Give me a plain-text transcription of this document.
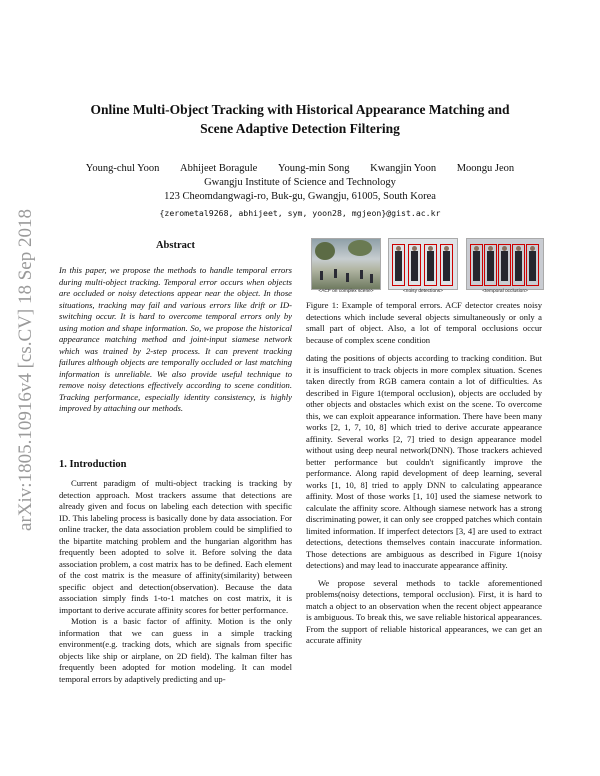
Online Multi-Object Tracking with Historical Appearance Matching and
Scene Adaptive Detection Filtering
Young-chul Yoon Abhijeet Boragule Young-min Song Kwangjin Yoon Moongu Jeon
Gwangju Institute of Science and Technology
123 Cheomdangwagi-ro, Buk-gu, Gwangju, 61005, South Korea
{zerometal9268, abhijeet, sym, yoon28, mgjeon}@gist.ac.kr
arXiv:1805.10916v4 [cs.CV] 18 Sep 2018	Abstract
In this paper, we propose the methods to handle temporal errors during multi-object tracking. Temporal error occurs when objects are occluded or noisy detections appear near the object. In those situations, tracking may fail and various errors like drift or ID-switching occur. It is hard to overcome temporal errors only by using motion and shape information. So, we propose the historical appearance matching method and joint-input siamese network which was trained by 2-step process. It can prevent tracking failures although objects are temporally occluded or last matching information is unreliable. We also provide useful technique to remove noisy detections effectively according to scene condition. Tracking performance, especially identity consistency, is highly improved by attaching our methods.
1. Introduction

Current paradigm of multi-object tracking is tracking by detection approach. Most trackers assume that detections are already given and focus on labeling each detection with specific ID. This labeling process is basically done by data association. For online tracker, the data association problem could be simplified to the bipartite matching problem and the hungarian algorithm has frequently been adopted to solve it. Before solving the data association problem, a cost matrix has to be defined. Each element of the cost matrix is the measure of affinity(similarity) between specific object and detection(observation). Because the data association simply finds 1-to-1 matches on cost matrix, it is important to derive accurate affinity scores for better performance.

Motion is a basic factor of affinity. Motion is the only information that we can guess in a simple tracking environment(e.g. tracking dots, which are signals from specific objects like ship or airplane, on 2D field). The kalman filter has frequently been adopted for motion modeling. It can model temporal errors by adaptively predicting and up-

<ACF on complex scene>	<noisy detections>	<temporal occlusion>
Figure 1: Example of temporal errors. ACF detector creates noisy detections which include several objects simultaneously or only a small part of object. Also, a lot of temporal occlusions occur because of complex scene condition

dating the positions of objects according to tracking condition. But it is insufficient to track objects in more complex situation. Scenes taken directly from RGB camera contain a lot of difficulties. As described in Figure 1(temporal occlusion), objects are occluded by other objects and obstacles which exist on the scene. To overcome this, we can exploit appearance information. There have been many works [2, 1, 7, 10, 8] which tried to derive accurate appearance affinity. Several works [2, 7] tried to design appearance model without using deep neural network(DNN). Those trackers achieved better performance but couldn't significantly improve the performance. Along rapid development of deep learning, several works [1, 10, 8] tried to apply DNN to calculating appearance affinity. Most of those works [1, 10] used the siamese network to calculate the affinity score. Although siamese network has a strong discriminating power, it can only see cropped patches which contain limited information. If imperfect detectors [3, 4] are used to extract detections, detections themselves contain inaccurate information. Those detections are ambiguous as described in Figure 1(noisy detections) and may lead to inaccurate appearance affinity.

We propose several methods to tackle aforementioned problems(noisy detections, temporal occlusion). First, it is hard to match a object to an observation when the recent object appearance is ambiguous. To break this, we save reliable historical appearances. From the support of reliable historical appearances, we can get an accurate affinity
